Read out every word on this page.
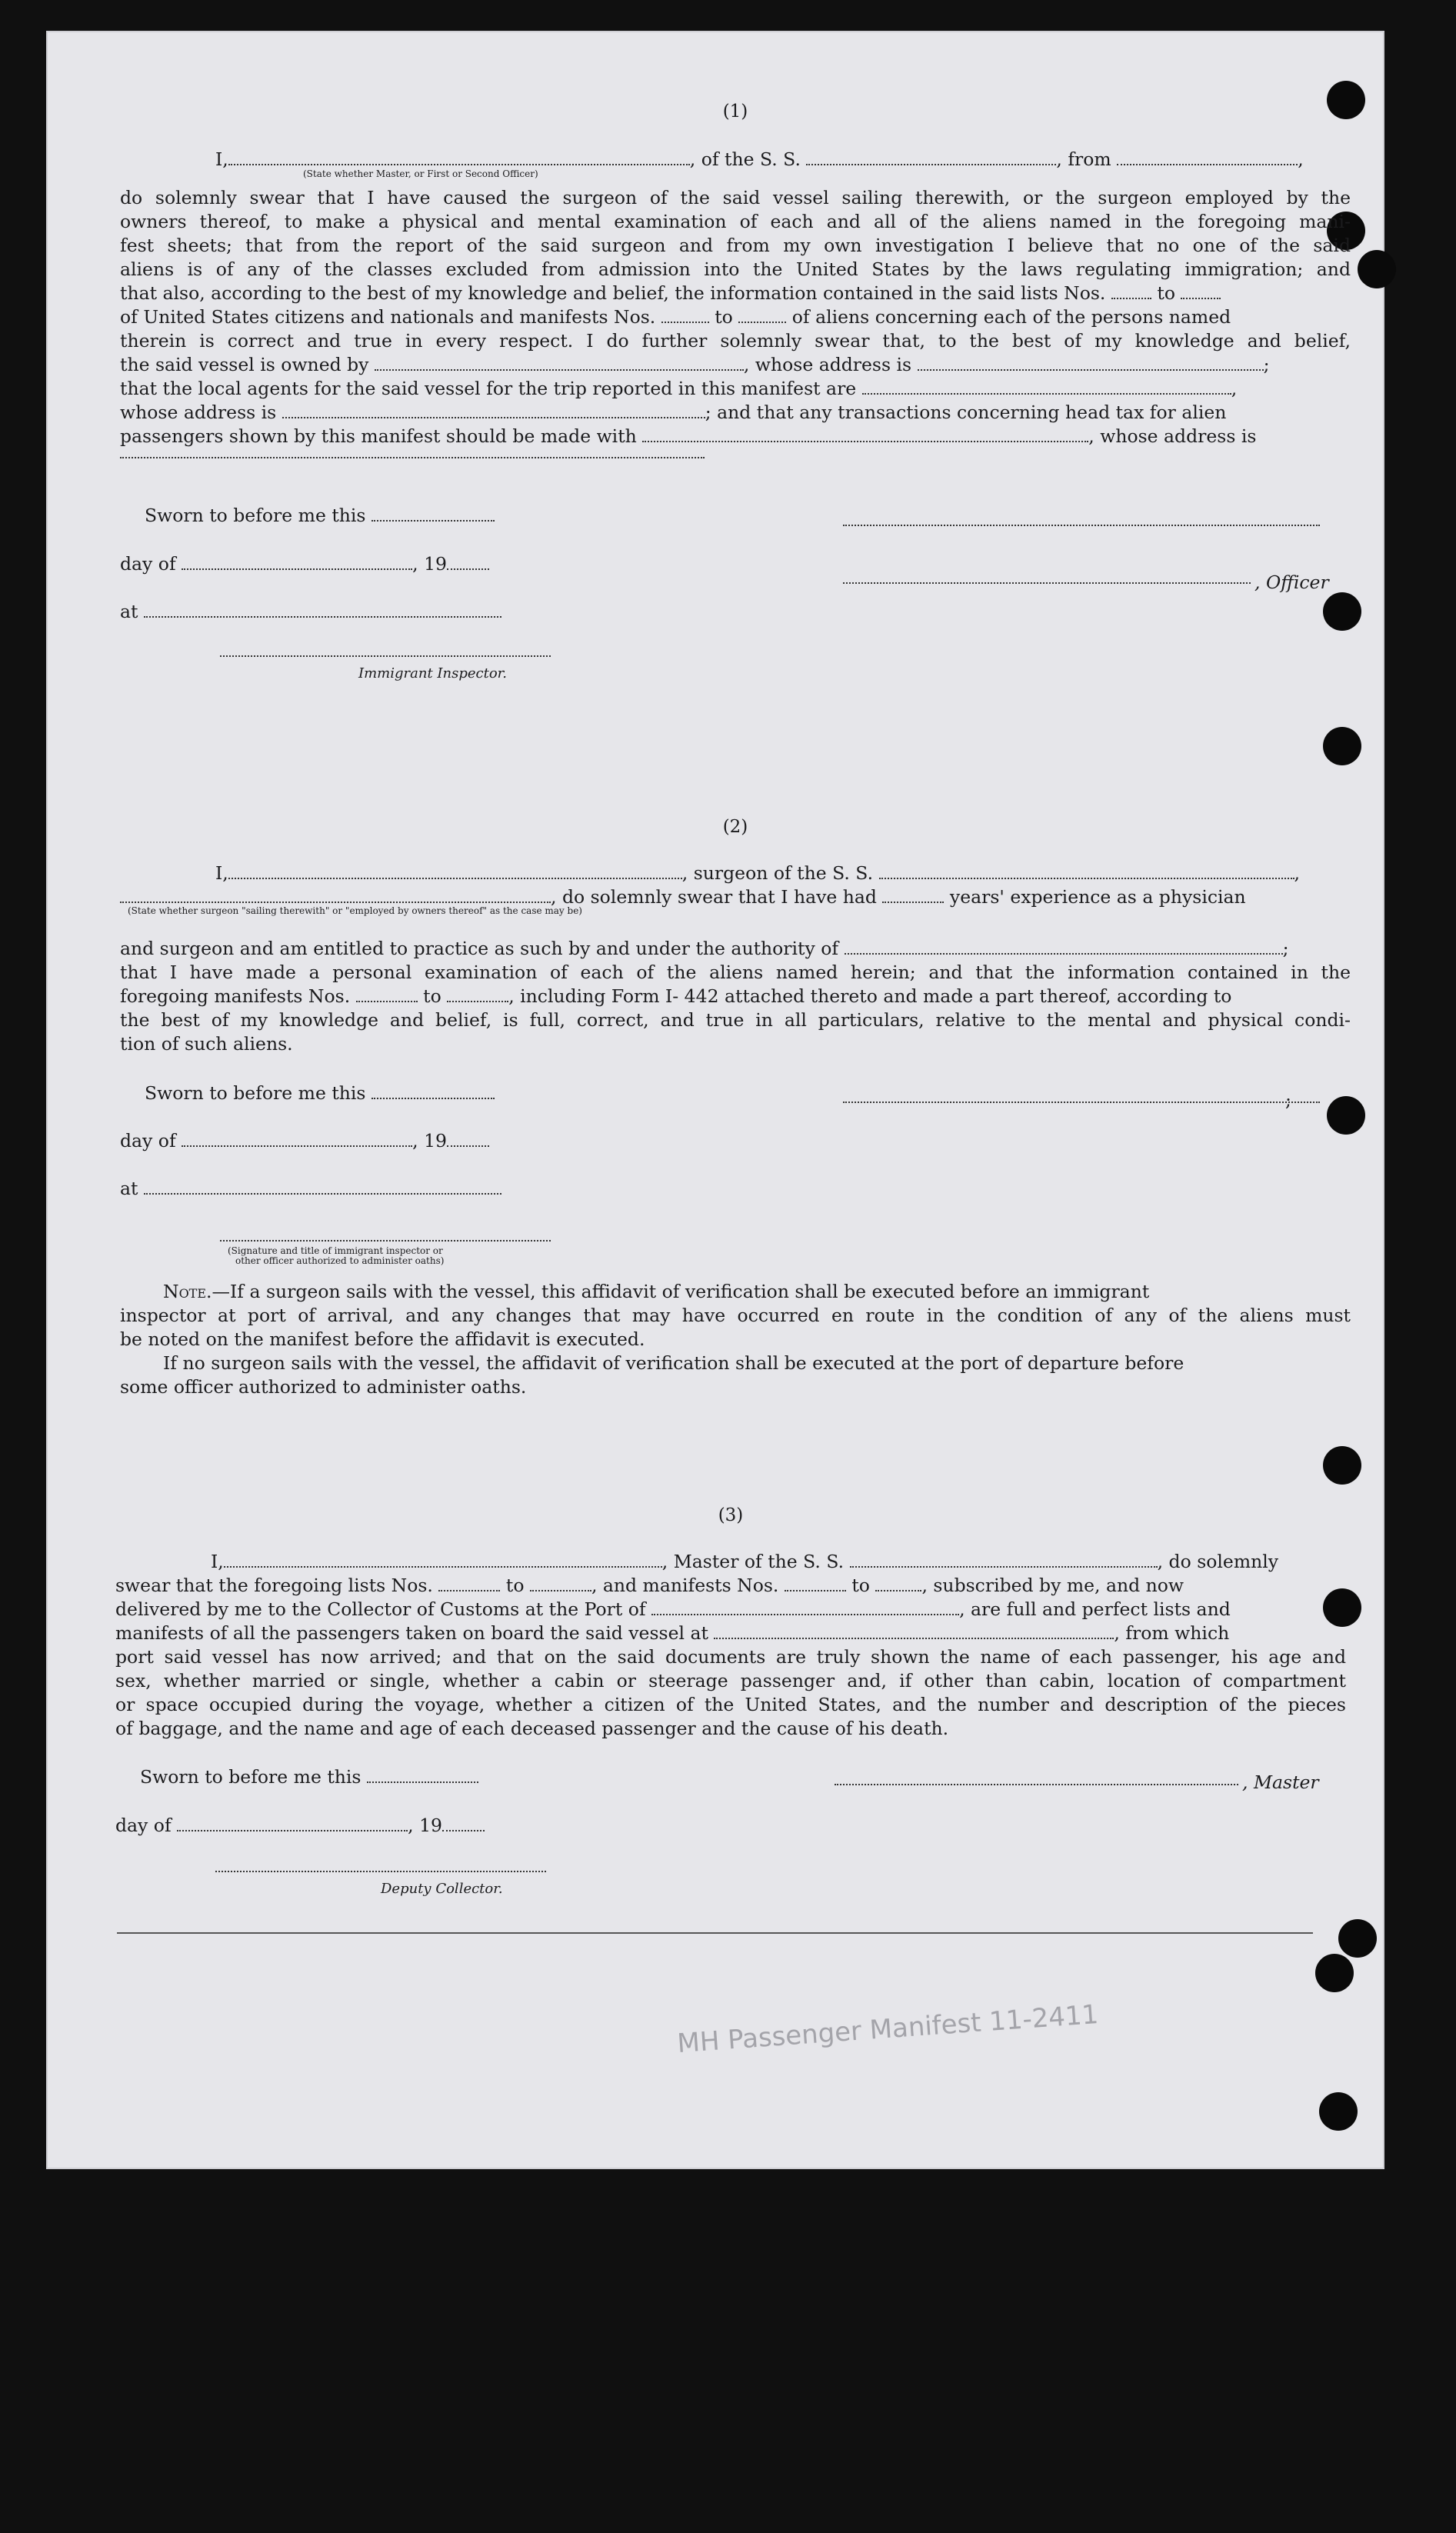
(1)
I,	, of the S. S.	, from	,
(State whether Master, or First or Second Officer)
do solemnly swear that I have caused the surgeon of the said vessel sailing therewith, or the surgeon employed by the
owners thereof, to make a physical and mental examination of each and all of the aliens named in the foregoing mani-
fest sheets; that from the report of the said surgeon and from my own investigation I believe that no one of the said
aliens is of any of the classes excluded from admission into the United States by the laws regulating immigration; and
that also, according to the best of my knowledge and belief, the information contained in the said lists Nos.	to
of United States citizens and nationals and manifests Nos.	to	of aliens concerning each of the persons named
therein is correct and true in every respect. I do further solemnly swear that, to the best of my knowledge and belief,
the said vessel is owned by	, whose address is	;
that the local agents for the said vessel for the trip reported in this manifest are	,
whose address is	; and that any transactions concerning head tax for alien
passengers shown by this manifest should be made with	, whose address is
Sworn to before me this
day of	, 19
, Officer
at
Immigrant Inspector.
(2)
I,	, surgeon of the S. S.	,
, do solemnly swear that I have had	years' experience as a physician
(State whether surgeon "sailing therewith" or "employed by owners thereof" as the case may be)
and surgeon and am entitled to practice as such by and under the authority of	;
that I have made a personal examination of each of the aliens named herein; and that the information contained in the
foregoing manifests Nos.	to	, including Form I- 442 attached thereto and made a part thereof, according to
the best of my knowledge and belief, is full, correct, and true in all particulars, relative to the mental and physical condi-
tion of such aliens.
Sworn to before me this	;
day of	, 19
at
(Signature and title of immigrant inspector or
other officer authorized to administer oaths)
Note.—If a surgeon sails with the vessel, this affidavit of verification shall be executed before an immigrant
inspector at port of arrival, and any changes that may have occurred en route in the condition of any of the aliens must
be noted on the manifest before the affidavit is executed.
If no surgeon sails with the vessel, the affidavit of verification shall be executed at the port of departure before
some officer authorized to administer oaths.
(3)
I,	, Master of the S. S.	, do solemnly
swear that the foregoing lists Nos.	to	, and manifests Nos.	to	, subscribed by me, and now
delivered by me to the Collector of Customs at the Port of	, are full and perfect lists and
manifests of all the passengers taken on board the said vessel at	, from which
port said vessel has now arrived; and that on the said documents are truly shown the name of each passenger, his age and
sex, whether married or single, whether a cabin or steerage passenger and, if other than cabin, location of compartment
or space occupied during the voyage, whether a citizen of the United States, and the number and description of the pieces
of baggage, and the name and age of each deceased passenger and the cause of his death.
Sworn to before me this	, Master
day of	, 19
Deputy Collector.
MH Passenger Manifest 11-2411
